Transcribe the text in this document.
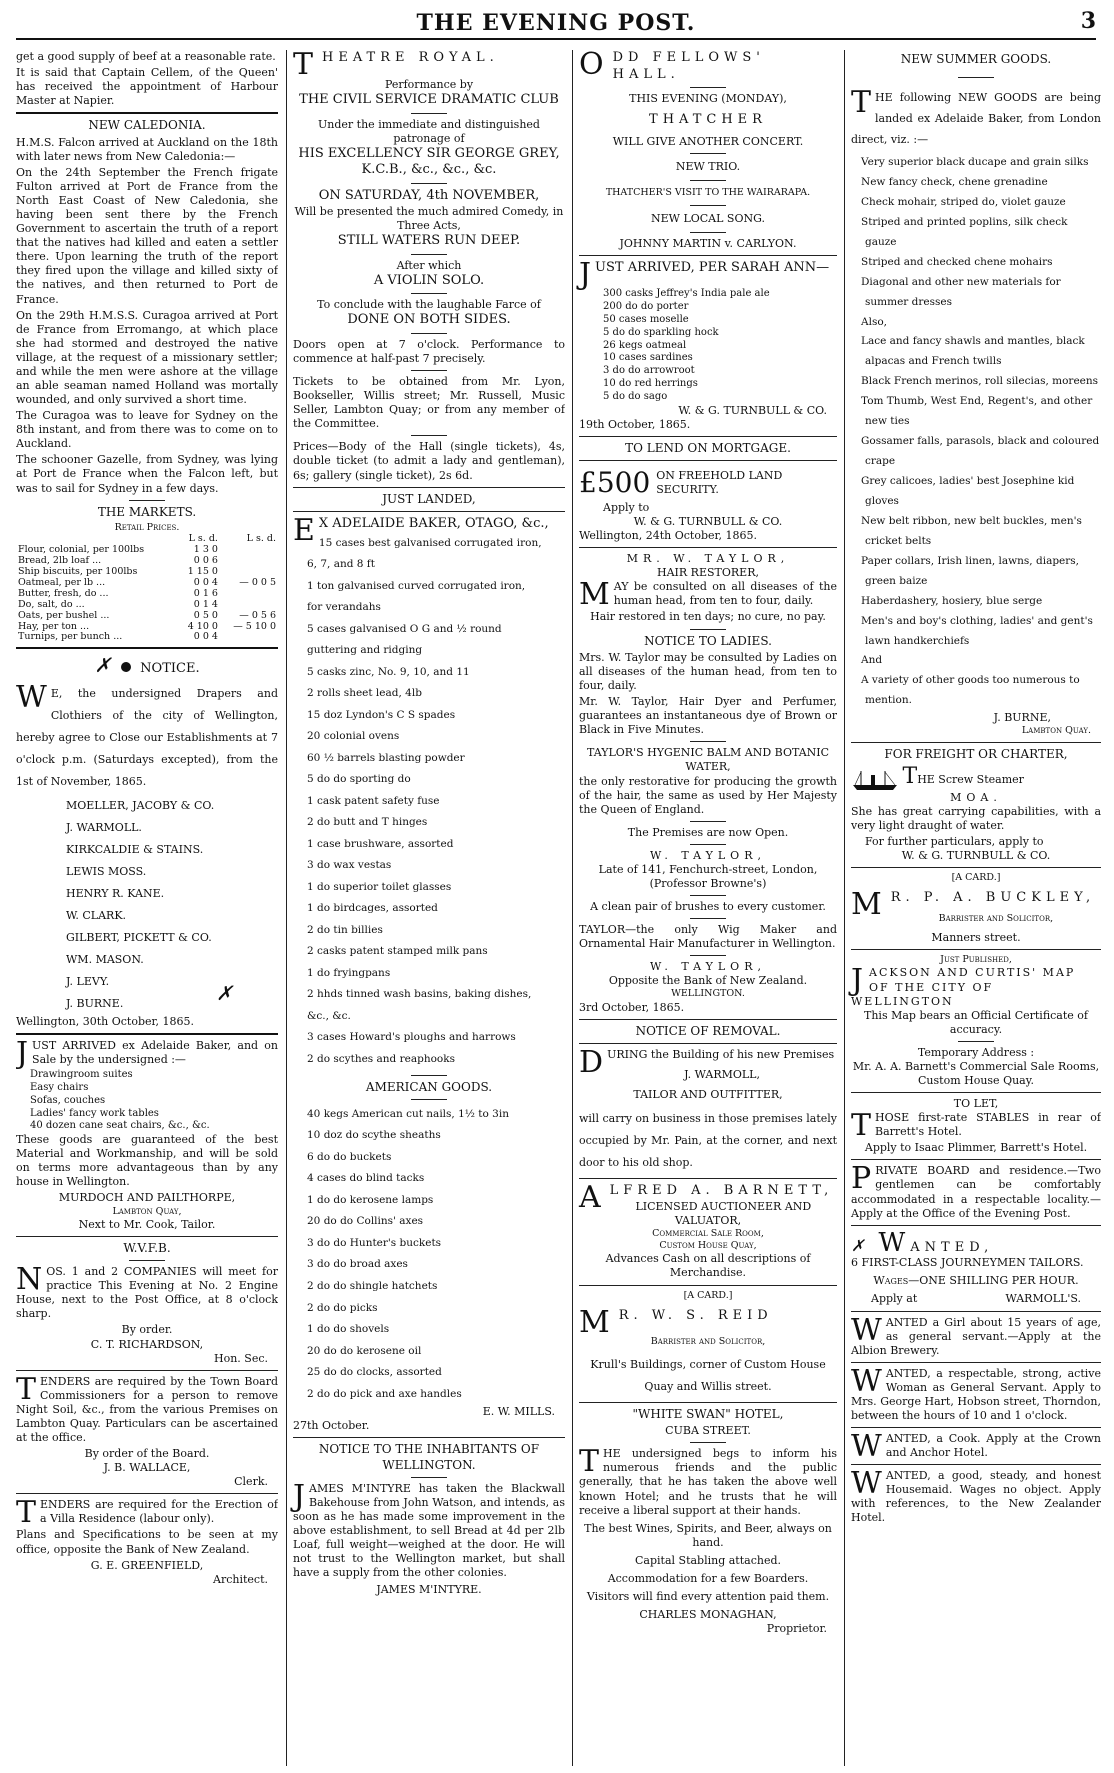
THE EVENING POST.	3

get a good supply of beef at a reasonable rate.

It is said that Captain Cellem, of the Queen' has received the appointment of Harbour Master at Napier.

NEW CALEDONIA.

H.M.S. Falcon arrived at Auckland on the 18th with later news from New Caledonia:—

On the 24th September the French frigate Fulton arrived at Port de France from the North East Coast of New Caledonia, she having been sent there by the French Government to ascertain the truth of a report that the natives had killed and eaten a settler there. Upon learning the truth of the report they fired upon the village and killed sixty of the natives, and then returned to Port de France.

On the 29th H.M.S.S. Curagoa arrived at Port de France from Erromango, at which place she had stormed and destroyed the native village, at the request of a missionary settler; and while the men were ashore at the village an able seaman named Holland was mortally wounded, and only survived a short time.

The Curagoa was to leave for Sydney on the 8th instant, and from there was to come on to Auckland.

The schooner Gazelle, from Sydney, was lying at Port de France when the Falcon left, but was to sail for Sydney in a few days.

THE MARKETS.
Retail Prices.
	L s. d.	L s. d.
Flour, colonial, per 100lbs	1 3 0	
Bread, 2lb loaf ...	0 0 6	
Ship biscuits, per 100lbs	1 15 0	
Oatmeal, per lb ...	0 0 4	— 0 0 5
Butter, fresh, do ...	0 1 6	
Do, salt, do ...	0 1 4	
Oats, per bushel ...	0 5 0	— 0 5 6
Hay, per ton ...	4 10 0	— 5 10 0
Turnips, per bunch ...	0 0 4	
✗ NOTICE.

W E, the undersigned Drapers and Clothiers of the city of Wellington, hereby agree to Close our Establishments at 7 o'clock p.m. (Saturdays excepted), from the 1st of November, 1865.

MOELLER, JACOBY & CO.
J. WARMOLL.
KIRKCALDIE & STAINS.
LEWIS MOSS.
HENRY R. KANE.
W. CLARK.
GILBERT, PICKETT & CO.
WM. MASON.
J. LEVY.
J. BURNE.	✗
Wellington, 30th October, 1865.

JUST ARRIVED ex Adelaide Baker, and on Sale by the undersigned :—

Drawingroom suites
Easy chairs
Sofas, couches
Ladies' fancy work tables
40 dozen cane seat chairs, &c., &c.

These goods are guaranteed of the best Material and Workmanship, and will be sold on terms more advantageous than by any house in Wellington.

MURDOCH AND PAILTHORPE,
Lambton Quay,
Next to Mr. Cook, Tailor.
W.V.F.B.

NOS. 1 and 2 COMPANIES will meet for practice This Evening at No. 2 Engine House, next to the Post Office, at 8 o'clock sharp.

By order.
C. T. RICHARDSON,
Hon. Sec.

TENDERS are required by the Town Board Commissioners for a person to remove Night Soil, &c., from the various Premises on Lambton Quay. Particulars can be ascertained at the office.

By order of the Board.
J. B. WALLACE,
Clerk.

TENDERS are required for the Erection of a Villa Residence (labour only).

Plans and Specifications to be seen at my office, opposite the Bank of New Zealand.

G. E. GREENFIELD,
Architect.
THEATRE ROYAL.
Performance by
THE CIVIL SERVICE DRAMATIC CLUB
Under the immediate and distinguished patronage of
HIS EXCELLENCY SIR GEORGE GREY, K.C.B., &c., &c., &c.
ON SATURDAY, 4th NOVEMBER,
Will be presented the much admired Comedy, in Three Acts,
STILL WATERS RUN DEEP.
After which
A VIOLIN SOLO.
To conclude with the laughable Farce of
DONE ON BOTH SIDES.

Doors open at 7 o'clock. Performance to commence at half-past 7 precisely.

Tickets to be obtained from Mr. Lyon, Bookseller, Willis street; Mr. Russell, Music Seller, Lambton Quay; or from any member of the Committee.

Prices—Body of the Hall (single tickets), 4s, double ticket (to admit a lady and gentleman), 6s; gallery (single ticket), 2s 6d.

JUST LANDED,
E X ADELAIDE BAKER, OTAGO, &c.,
15 cases best galvanised corrugated iron,
6, 7, and 8 ft
1 ton galvanised curved corrugated iron,
for verandahs
5 cases galvanised O G and ½ round
guttering and ridging
5 casks zinc, No. 9, 10, and 11
2 rolls sheet lead, 4lb
15 doz Lyndon's C S spades
20 colonial ovens
60 ½ barrels blasting powder
5 do do sporting do
1 cask patent safety fuse
2 do butt and T hinges
1 case brushware, assorted
3 do wax vestas
1 do superior toilet glasses
1 do birdcages, assorted
2 do tin billies
2 casks patent stamped milk pans
1 do fryingpans
2 hhds tinned wash basins, baking dishes,
&c., &c.
3 cases Howard's ploughs and harrows
2 do scythes and reaphooks
AMERICAN GOODS.
40 kegs American cut nails, 1½ to 3in
10 doz do scythe sheaths
6 do do buckets
4 cases do blind tacks
1 do do kerosene lamps
20 do do Collins' axes
3 do do Hunter's buckets
3 do do broad axes
2 do do shingle hatchets
2 do do picks
1 do do shovels
20 do do kerosene oil
25 do do clocks, assorted
2 do do pick and axe handles
E. W. MILLS.
27th October.
NOTICE TO THE INHABITANTS OF WELLINGTON.

JAMES M'INTYRE has taken the Blackwall Bakehouse from John Watson, and intends, as soon as he has made some improvement in the above establishment, to sell Bread at 4d per 2lb Loaf, full weight—weighed at the door. He will not trust to the Wellington market, but shall have a supply from the other colonies.

JAMES M'INTYRE.
ODD FELLOWS' HALL.
THIS EVENING (MONDAY),
THATCHER
WILL GIVE ANOTHER CONCERT.
NEW TRIO.
THATCHER'S VISIT TO THE WAIRARAPA.
NEW LOCAL SONG.
JOHNNY MARTIN v. CARLYON.
JUST ARRIVED, PER SARAH ANN—
300 casks Jeffrey's India pale ale
200 do do porter
50 cases moselle
5 do do sparkling hock
26 kegs oatmeal
10 cases sardines
3 do do arrowroot
10 do red herrings
5 do do sago
W. & G. TURNBULL & CO.
19th October, 1865.
TO LEND ON MORTGAGE.
£500 ON FREEHOLD LAND SECURITY.
Apply to
W. & G. TURNBULL & CO.
Wellington, 24th October, 1865.
MR. W. TAYLOR,
HAIR RESTORER,

MAY be consulted on all diseases of the human head, from ten to four, daily.

Hair restored in ten days; no cure, no pay.
NOTICE TO LADIES.

Mrs. W. Taylor may be consulted by Ladies on all diseases of the human head, from ten to four, daily.

Mr. W. Taylor, Hair Dyer and Perfumer, guarantees an instantaneous dye of Brown or Black in Five Minutes.

TAYLOR'S HYGENIC BALM AND BOTANIC WATER,

the only restorative for producing the growth of the hair, the same as used by Her Majesty the Queen of England.

The Premises are now Open.
W. TAYLOR,
Late of 141, Fenchurch-street, London, (Professor Browne's)
A clean pair of brushes to every customer.

TAYLOR—the only Wig Maker and Ornamental Hair Manufacturer in Wellington.

W. TAYLOR,
Opposite the Bank of New Zealand.
WELLINGTON.
3rd October, 1865.
NOTICE OF REMOVAL.
DURING the Building of his new Premises
J. WARMOLL,
TAILOR AND OUTFITTER,

will carry on business in those premises lately occupied by Mr. Pain, at the corner, and next door to his old shop.

ALFRED A. BARNETT,
LICENSED AUCTIONEER AND VALUATOR,
Commercial Sale Room,
Custom House Quay,
Advances Cash on all descriptions of Merchandise.
[A CARD.]
M R. W. S. REID
Barrister and Solicitor,
Krull's Buildings, corner of Custom House Quay and Willis street.
"WHITE SWAN" HOTEL,
CUBA STREET.

THE undersigned begs to inform his numerous friends and the public generally, that he has taken the above well known Hotel; and he trusts that he will receive a liberal support at their hands.

The best Wines, Spirits, and Beer, always on hand.
Capital Stabling attached.
Accommodation for a few Boarders.
Visitors will find every attention paid them.
CHARLES MONAGHAN,
Proprietor.
NEW SUMMER GOODS.

THE following NEW GOODS are being landed ex Adelaide Baker, from London direct, viz. :—

Very superior black ducape and grain silks
New fancy check, chene grenadine
Check mohair, striped do, violet gauze
Striped and printed poplins, silk check gauze
Striped and checked chene mohairs
Diagonal and other new materials for summer dresses
Also,
Lace and fancy shawls and mantles, black alpacas and French twills
Black French merinos, roll silecias, moreens
Tom Thumb, West End, Regent's, and other new ties
Gossamer falls, parasols, black and coloured crape
Grey calicoes, ladies' best Josephine kid gloves
New belt ribbon, new belt buckles, men's cricket belts
Paper collars, Irish linen, lawns, diapers, green baize
Haberdashery, hosiery, blue serge
Men's and boy's clothing, ladies' and gent's lawn handkerchiefs
And
A variety of other goods too numerous to mention.
J. BURNE,
Lambton Quay.
FOR FREIGHT OR CHARTER,
THE Screw Steamer
MOA.

She has great carrying capabilities, with a very light draught of water.

For further particulars, apply to
W. & G. TURNBULL & CO.
[A CARD.]
M R. P. A. BUCKLEY,
Barrister and Solicitor,
Manners street.
Just Published,
JACKSON AND CURTIS' MAP OF THE CITY OF WELLINGTON
This Map bears an Official Certificate of accuracy.
Temporary Address :
Mr. A. A. Barnett's Commercial Sale Rooms, Custom House Quay.
TO LET,

THOSE first-rate STABLES in rear of Barrett's Hotel.

Apply to Isaac Plimmer, Barrett's Hotel.

PRIVATE BOARD and residence.—Two gentlemen can be comfortably accommodated in a respectable locality.—Apply at the Office of the Evening Post.

✗ WANTED,
6 FIRST-CLASS JOURNEYMEN TAILORS.
Wages—ONE SHILLING PER HOUR.
Apply at	WARMOLL'S.

WANTED a Girl about 15 years of age, as general servant.—Apply at the Albion Brewery.

WANTED, a respectable, strong, active Woman as General Servant. Apply to Mrs. George Hart, Hobson street, Thorndon, between the hours of 10 and 1 o'clock.

WANTED, a Cook. Apply at the Crown and Anchor Hotel.

WANTED, a good, steady, and honest Housemaid. Wages no object. Apply with references, to the New Zealander Hotel.
